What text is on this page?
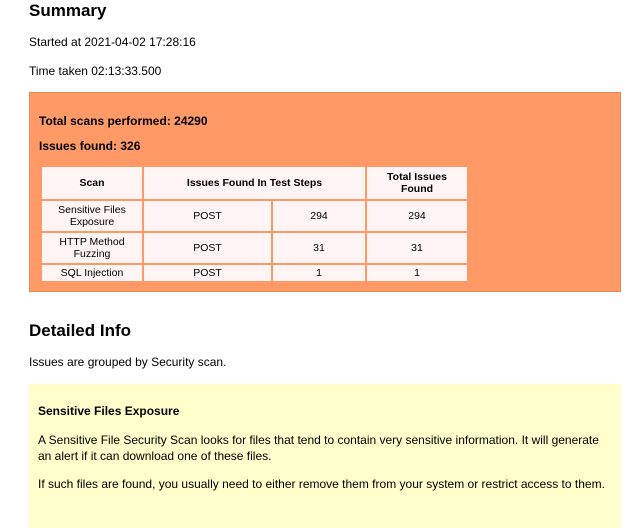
Summary
Started at 2021-04-02 17:28:16
Time taken 02:13:33.500
Total scans performed: 24290
Issues found: 326
Scan	Issues Found In Test Steps		Total Issues Found
Sensitive Files Exposure	POST	294	294
HTTP Method Fuzzing	POST	31	31
SQL Injection	POST	1	1
Detailed Info
Issues are grouped by Security scan.
Sensitive Files Exposure

A Sensitive File Security Scan looks for files that tend to contain very sensitive information. It will generate an alert if it can download one of these files.

If such files are found, you usually need to either remove them from your system or restrict access to them.
